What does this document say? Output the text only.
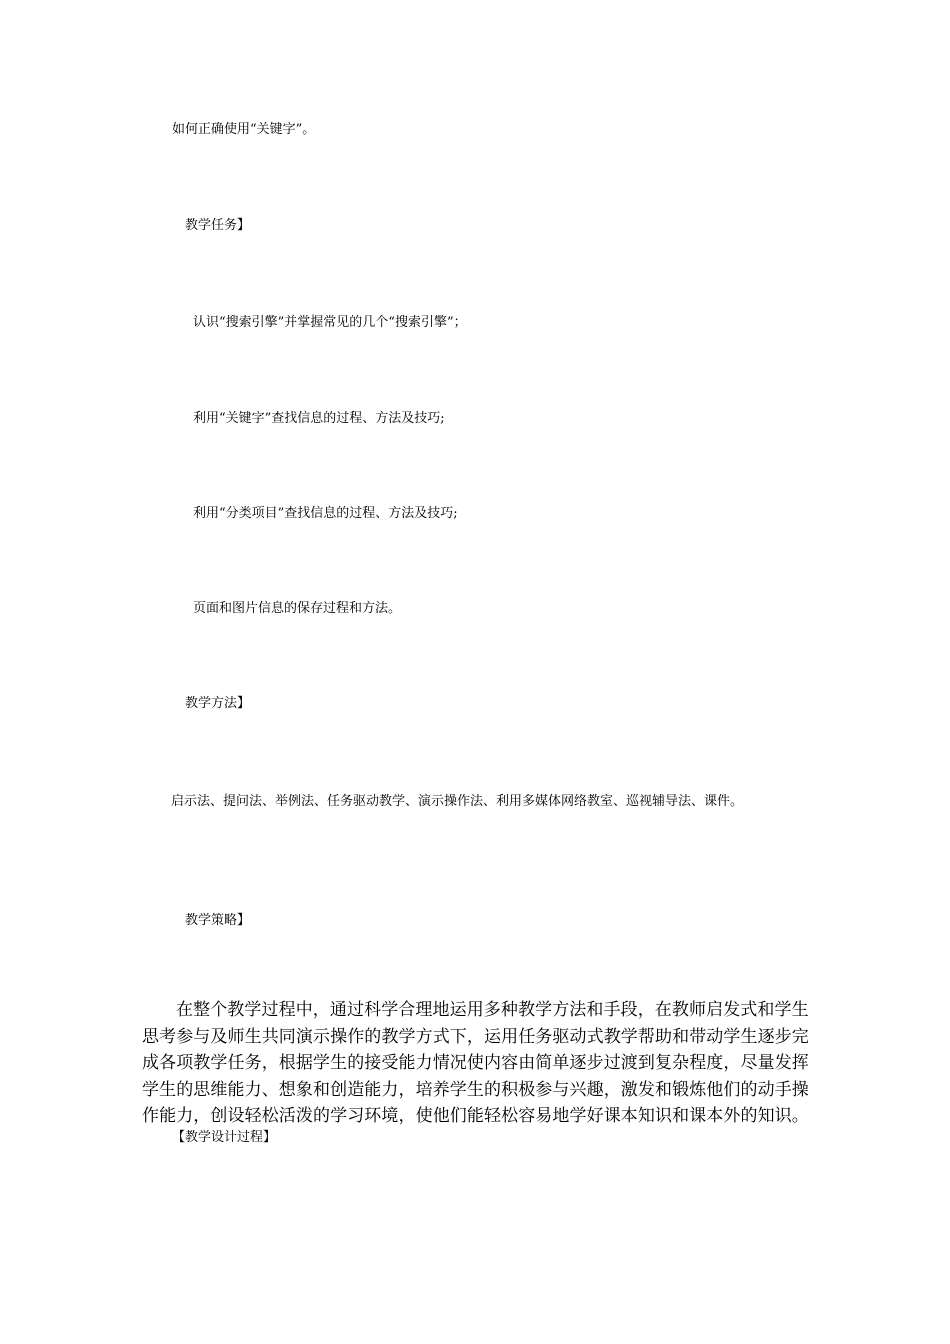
如何正确使用“关键字”。
教学任务】
认识“搜索引擎”并掌握常见的几个“搜索引擎”；
利用“关键字”查找信息的过程、方法及技巧;
利用“分类项目”查找信息的过程、方法及技巧;
页面和图片信息的保存过程和方法。
教学方法】
启示法、提问法、举例法、任务驱动教学、演示操作法、利用多媒体网络教室、巡视辅导法、课件。
教学策略】
在整个教学过程中，通过科学合理地运用多种教学方法和手段，在教师启发式和学生思考参与及师生共同演示操作的教学方式下，运用任务驱动式教学帮助和带动学生逐步完成各项教学任务，根据学生的接受能力情况使内容由简单逐步过渡到复杂程度，尽量发挥学生的思维能力、想象和创造能力，培养学生的积极参与兴趣，激发和锻炼他们的动手操作能力，创设轻松活泼的学习环境，使他们能轻松容易地学好课本知识和课本外的知识。
【教学设计过程】
